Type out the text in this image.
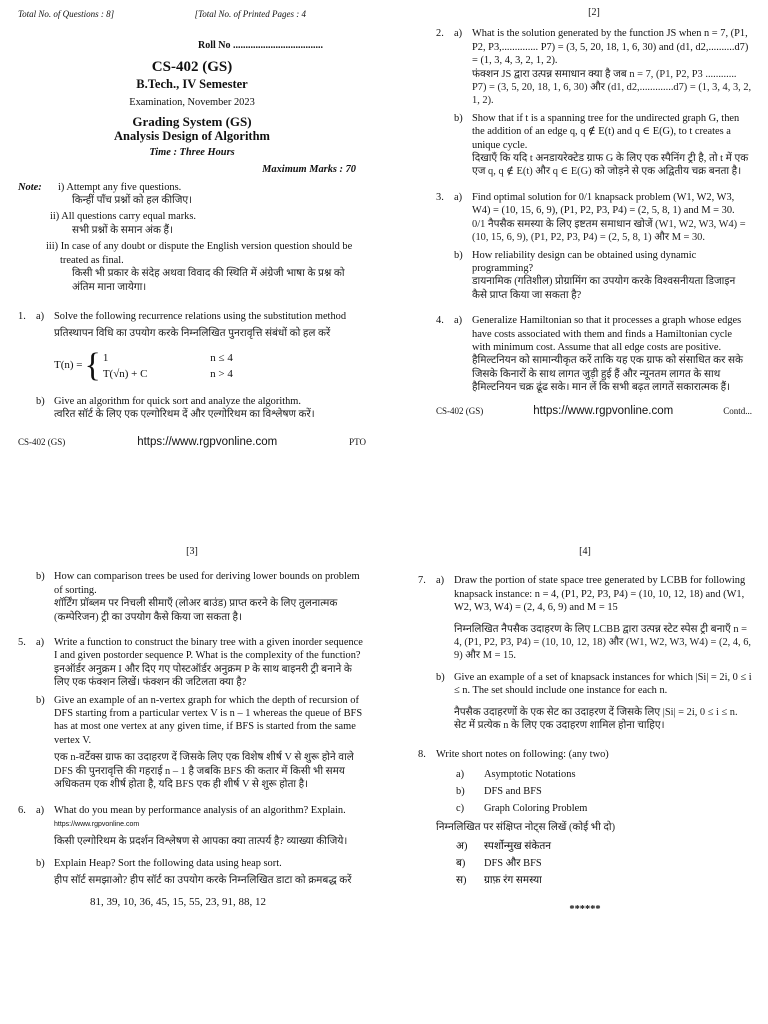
Total No. of Questions : 8]	[Total No. of Printed Pages : 4
Roll No ....................................
CS-402 (GS)
B.Tech., IV Semester
Examination, November 2023
Grading System (GS)
Analysis Design of Algorithm
Time : Three Hours
Maximum Marks : 70
Note:	i) Attempt any five questions.
किन्हीं पाँच प्रश्नों को हल कीजिए।
ii) All questions carry equal marks.
सभी प्रश्नों के समान अंक हैं।
iii) In case of any doubt or dispute the English version question should be treated as final.
किसी भी प्रकार के संदेह अथवा विवाद की स्थिति में अंग्रेजी भाषा के प्रश्न को अंतिम माना जायेगा।
1. a) Solve the following recurrence relations using the substitution method
प्रतिस्थापन विधि का उपयोग करके निम्नलिखित पुनरावृत्ति संबंधों को हल करें
T(n) = { 1	n ≤ 4
T(√n) + C	n > 4
b) Give an algorithm for quick sort and analyze the algorithm.
त्वरित सॉर्ट के लिए एक एल्गोरिथम दें और एल्गोरिथम का विश्लेषण करें।
CS-402 (GS)	https://www.rgpvonline.com	PTO
[2]
2. a) What is the solution generated by the function JS when n = 7, (P1, P2, P3,.............. P7) = (3, 5, 20, 18, 1, 6, 30) and (d1, d2,..........d7) = (1, 3, 4, 3, 2, 1, 2).
फंक्शन JS द्वारा उत्पन्न समाधान क्या है जब n = 7, (P1, P2, P3 ............ P7) = (3, 5, 20, 18, 1, 6, 30) और (d1, d2,.............d7) = (1, 3, 4, 3, 2, 1, 2).
b) Show that if t is a spanning tree for the undirected graph G, then the addition of an edge q, q ∉ E(t) and q ∈ E(G), to t creates a unique cycle.
दिखाएँ कि यदि t अनडायरेक्टेड ग्राफ G के लिए एक स्पैनिंग ट्री है, तो t में एक एज q, q ∉ E(t) और q ∈ E(G) को जोड़ने से एक अद्वितीय चक्र बनता है।
3. a) Find optimal solution for 0/1 knapsack problem (W1, W2, W3, W4) = (10, 15, 6, 9), (P1, P2, P3, P4) = (2, 5, 8, 1) and M = 30.
0/1 नैपसैक समस्या के लिए इष्टतम समाधान खोजें (W1, W2, W3, W4) = (10, 15, 6, 9), (P1, P2, P3, P4) = (2, 5, 8, 1) और M = 30.
b) How reliability design can be obtained using dynamic programming?
डायनामिक (गतिशील) प्रोग्रामिंग का उपयोग करके विश्वसनीयता डिजाइन कैसे प्राप्त किया जा सकता है?
4. a) Generalize Hamiltonian so that it processes a graph whose edges have costs associated with them and finds a Hamiltonian cycle with minimum cost. Assume that all edge costs are positive.
हैमिल्टनियन को सामान्यीकृत करें ताकि यह एक ग्राफ को संसाधित कर सके जिसके किनारों के साथ लागत जुड़ी हुई हैं और न्यूनतम लागत के साथ हैमिल्टनियन चक्र ढूंढ सके। मान लें कि सभी बढ़त लागतें सकारात्मक हैं।
CS-402 (GS)	https://www.rgpvonline.com	Contd...
[3]
b) How can comparison trees be used for deriving lower bounds on problem of sorting.
शॉर्टिंग प्रॉब्लम पर निचली सीमाएँ (लोअर बाउंड) प्राप्त करने के लिए तुलनात्मक (कम्पेरिजन) ट्री का उपयोग कैसे किया जा सकता है।
5. a) Write a function to construct the binary tree with a given inorder sequence I and given postorder sequence P. What is the complexity of the function?
इनऑर्डर अनुक्रम I और दिए गए पोस्टऑर्डर अनुक्रम P के साथ बाइनरी ट्री बनाने के लिए एक फंक्शन लिखें। फंक्शन की जटिलता क्या है?
b) Give an example of an n-vertex graph for which the depth of recursion of DFS starting from a particular vertex V is n – 1 whereas the queue of BFS has at most one vertex at any given time, if BFS is started from the same vertex V.
एक n-वर्टेक्स ग्राफ का उदाहरण दें जिसके लिए एक विशेष शीर्ष V से शुरू होने वाले DFS की पुनरावृत्ति की गहराई n – 1 है जबकि BFS की कतार में किसी भी समय अधिकतम एक शीर्ष होता है, यदि BFS एक ही शीर्ष V से शुरू होता है।
6. a) What do you mean by performance analysis of an algorithm? Explain. https://www.rgpvonline.com
किसी एल्गोरिथम के प्रदर्शन विश्लेषण से आपका क्या तात्पर्य है? व्याख्या कीजिये।
b) Explain Heap? Sort the following data using heap sort.
हीप सॉर्ट समझाओ? हीप सॉर्ट का उपयोग करके निम्नलिखित डाटा को क्रमबद्ध करें
81, 39, 10, 36, 45, 15, 55, 23, 91, 88, 12
[4]
7. a) Draw the portion of state space tree generated by LCBB for following knapsack instance: n = 4, (P1, P2, P3, P4) = (10, 10, 12, 18) and (W1, W2, W3, W4) = (2, 4, 6, 9) and M = 15
निम्नलिखित नैपसैक उदाहरण के लिए LCBB द्वारा उत्पन्न स्टेट स्पेस ट्री बनाएँ n = 4, (P1, P2, P3, P4) = (10, 10, 12, 18) और (W1, W2, W3, W4) = (2, 4, 6, 9) और M = 15.
b) Give an example of a set of knapsack instances for which |Si| = 2i, 0 ≤ i ≤ n. The set should include one instance for each n.
नैपसैक उदाहरणों के एक सेट का उदाहरण दें जिसके लिए |Si| = 2i, 0 ≤ i ≤ n. सेट में प्रत्येक n के लिए एक उदाहरण शामिल होना चाहिए।
8. Write short notes on following: (any two)
a)	Asymptotic Notations
b)	DFS and BFS
c)	Graph Coloring Problem
निम्नलिखित पर संक्षिप्त नोट्स लिखें (कोई भी दो)
अ)	स्पर्शोन्मुख संकेतन
ब)	DFS और BFS
स)	ग्राफ़ रंग समस्या
******
